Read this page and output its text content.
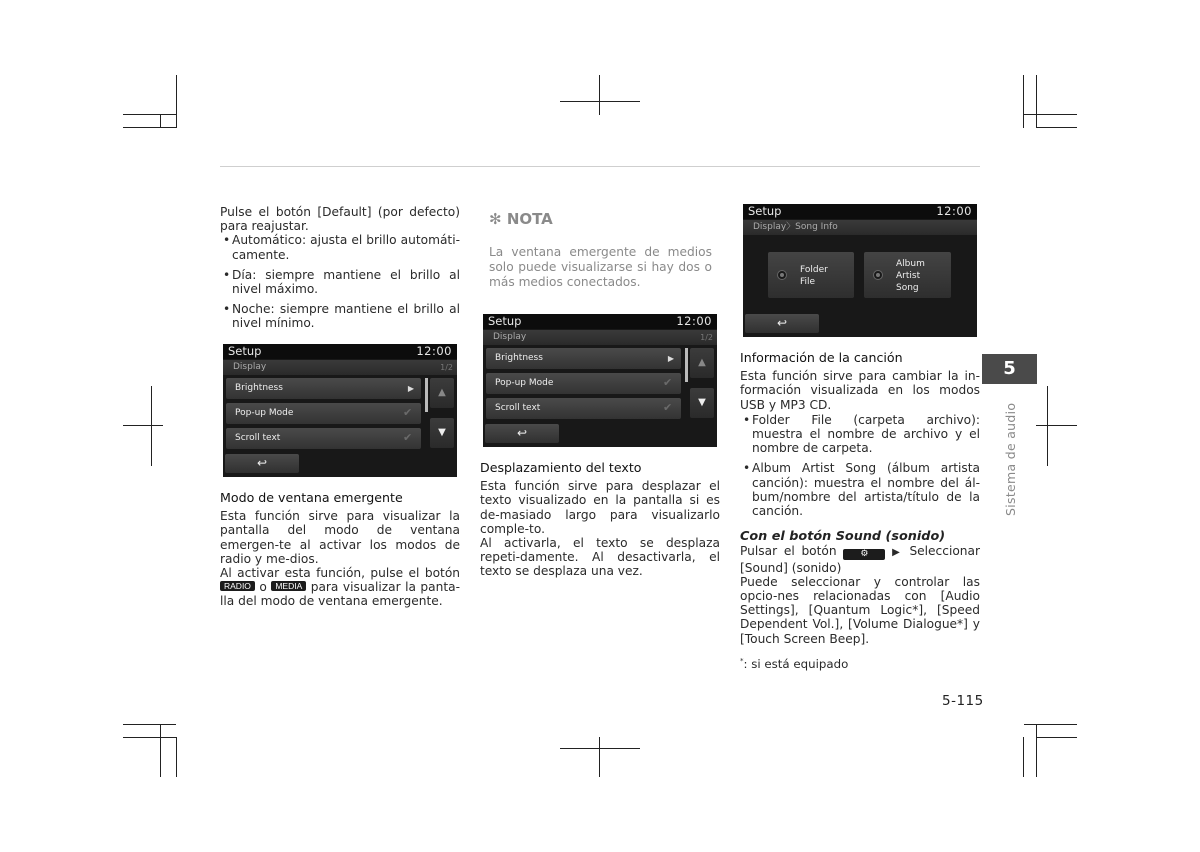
Pulse el botón [Default] (por defecto) para reajustar.

• Automático: ajusta el brillo automáti-camente.
• Día: siempre mantiene el brillo al nivel máximo.
• Noche: siempre mantiene el brillo al nivel mínimo.
Setup	12:00
Display	1/2
Brightness	▶
Pop-up Mode	✔
Scroll text	✔
▲
▼
↩

Modo de ventana emergente

Esta función sirve para visualizar la pantalla del modo de ventana emergen-te al activar los modos de radio y me-dios.

Al activar esta función, pulse el botón RADIO o MEDIA para visualizar la panta-lla del modo de ventana emergente.

✻ NOTA
La ventana emergente de medios solo puede visualizarse si hay dos o más medios conectados.
Setup	12:00
Display	1/2
Brightness	▶
Pop-up Mode	✔
Scroll text	✔
▲
▼
↩

Desplazamiento del texto

Esta función sirve para desplazar el texto visualizado en la pantalla si es de-masiado largo para visualizarlo comple-to.

Al activarla, el texto se desplaza repeti-damente. Al desactivarla, el texto se desplaza una vez.

Setup	12:00
Display〉Song Info
Folder
File
Album
Artist
Song
↩

Información de la canción

Esta función sirve para cambiar la in-formación visualizada en los modos USB y MP3 CD.

• Folder File (carpeta archivo): muestra el nombre de archivo y el nombre de carpeta.
• Album Artist Song (álbum artista canción): muestra el nombre del ál-bum/nombre del artista/título de la canción.

Con el botón Sound (sonido)

Pulsar el botón	⚙ ▶ Seleccionar [Sound] (sonido)

Puede seleccionar y controlar las opcio-nes relacionadas con [Audio Settings], [Quantum Logic*], [Speed Dependent Vol.], [Volume Dialogue*] y [Touch Screen Beep].

*: si está equipado

5
Sistema de audio
5-115
